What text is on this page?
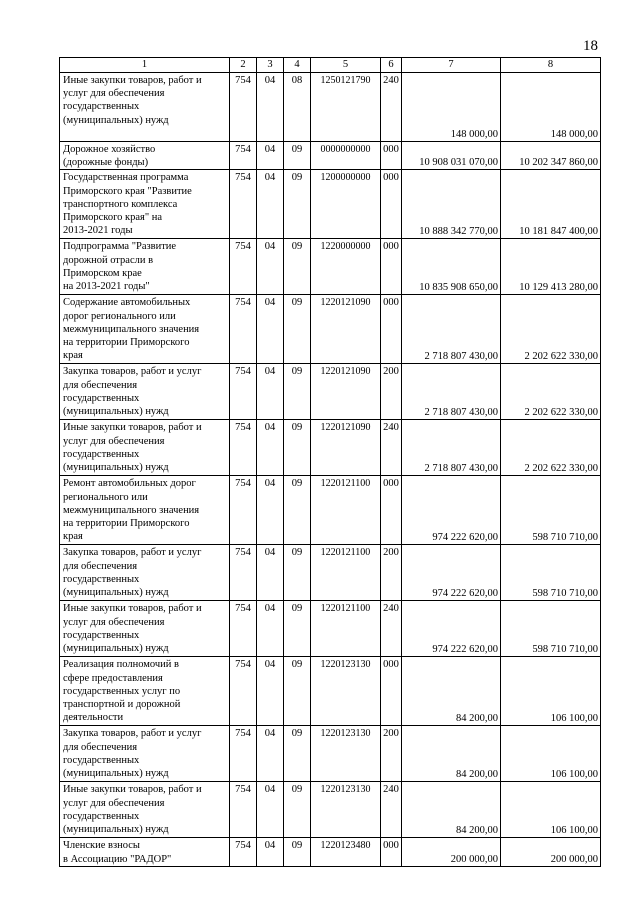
18
1	2	3	4	5	6	7	8
Иные закупки товаров, работ и
услуг для обеспечения
государственных
(муниципальных) нужд	754	04	08	1250121790	240	148 000,00	148 000,00
Дорожное хозяйство
(дорожные фонды)	754	04	09	0000000000	000	10 908 031 070,00	10 202 347 860,00
Государственная программа
Приморского края "Развитие
транспортного комплекса
Приморского края" на
2013-2021 годы	754	04	09	1200000000	000	10 888 342 770,00	10 181 847 400,00
Подпрограмма "Развитие
дорожной отрасли в
Приморском крае
на 2013-2021 годы"	754	04	09	1220000000	000	10 835 908 650,00	10 129 413 280,00
Содержание автомобильных
дорог регионального или
межмуниципального значения
на территории Приморского
края	754	04	09	1220121090	000	2 718 807 430,00	2 202 622 330,00
Закупка товаров, работ и услуг
для обеспечения
государственных
(муниципальных) нужд	754	04	09	1220121090	200	2 718 807 430,00	2 202 622 330,00
Иные закупки товаров, работ и
услуг для обеспечения
государственных
(муниципальных) нужд	754	04	09	1220121090	240	2 718 807 430,00	2 202 622 330,00
Ремонт автомобильных дорог
регионального или
межмуниципального значения
на территории Приморского
края	754	04	09	1220121100	000	974 222 620,00	598 710 710,00
Закупка товаров, работ и услуг
для обеспечения
государственных
(муниципальных) нужд	754	04	09	1220121100	200	974 222 620,00	598 710 710,00
Иные закупки товаров, работ и
услуг для обеспечения
государственных
(муниципальных) нужд	754	04	09	1220121100	240	974 222 620,00	598 710 710,00
Реализация полномочий в
сфере предоставления
государственных услуг по
транспортной и дорожной
деятельности	754	04	09	1220123130	000	84 200,00	106 100,00
Закупка товаров, работ и услуг
для обеспечения
государственных
(муниципальных) нужд	754	04	09	1220123130	200	84 200,00	106 100,00
Иные закупки товаров, работ и
услуг для обеспечения
государственных
(муниципальных) нужд	754	04	09	1220123130	240	84 200,00	106 100,00
Членские взносы
в Ассоциацию "РАДОР"	754	04	09	1220123480	000	200 000,00	200 000,00
